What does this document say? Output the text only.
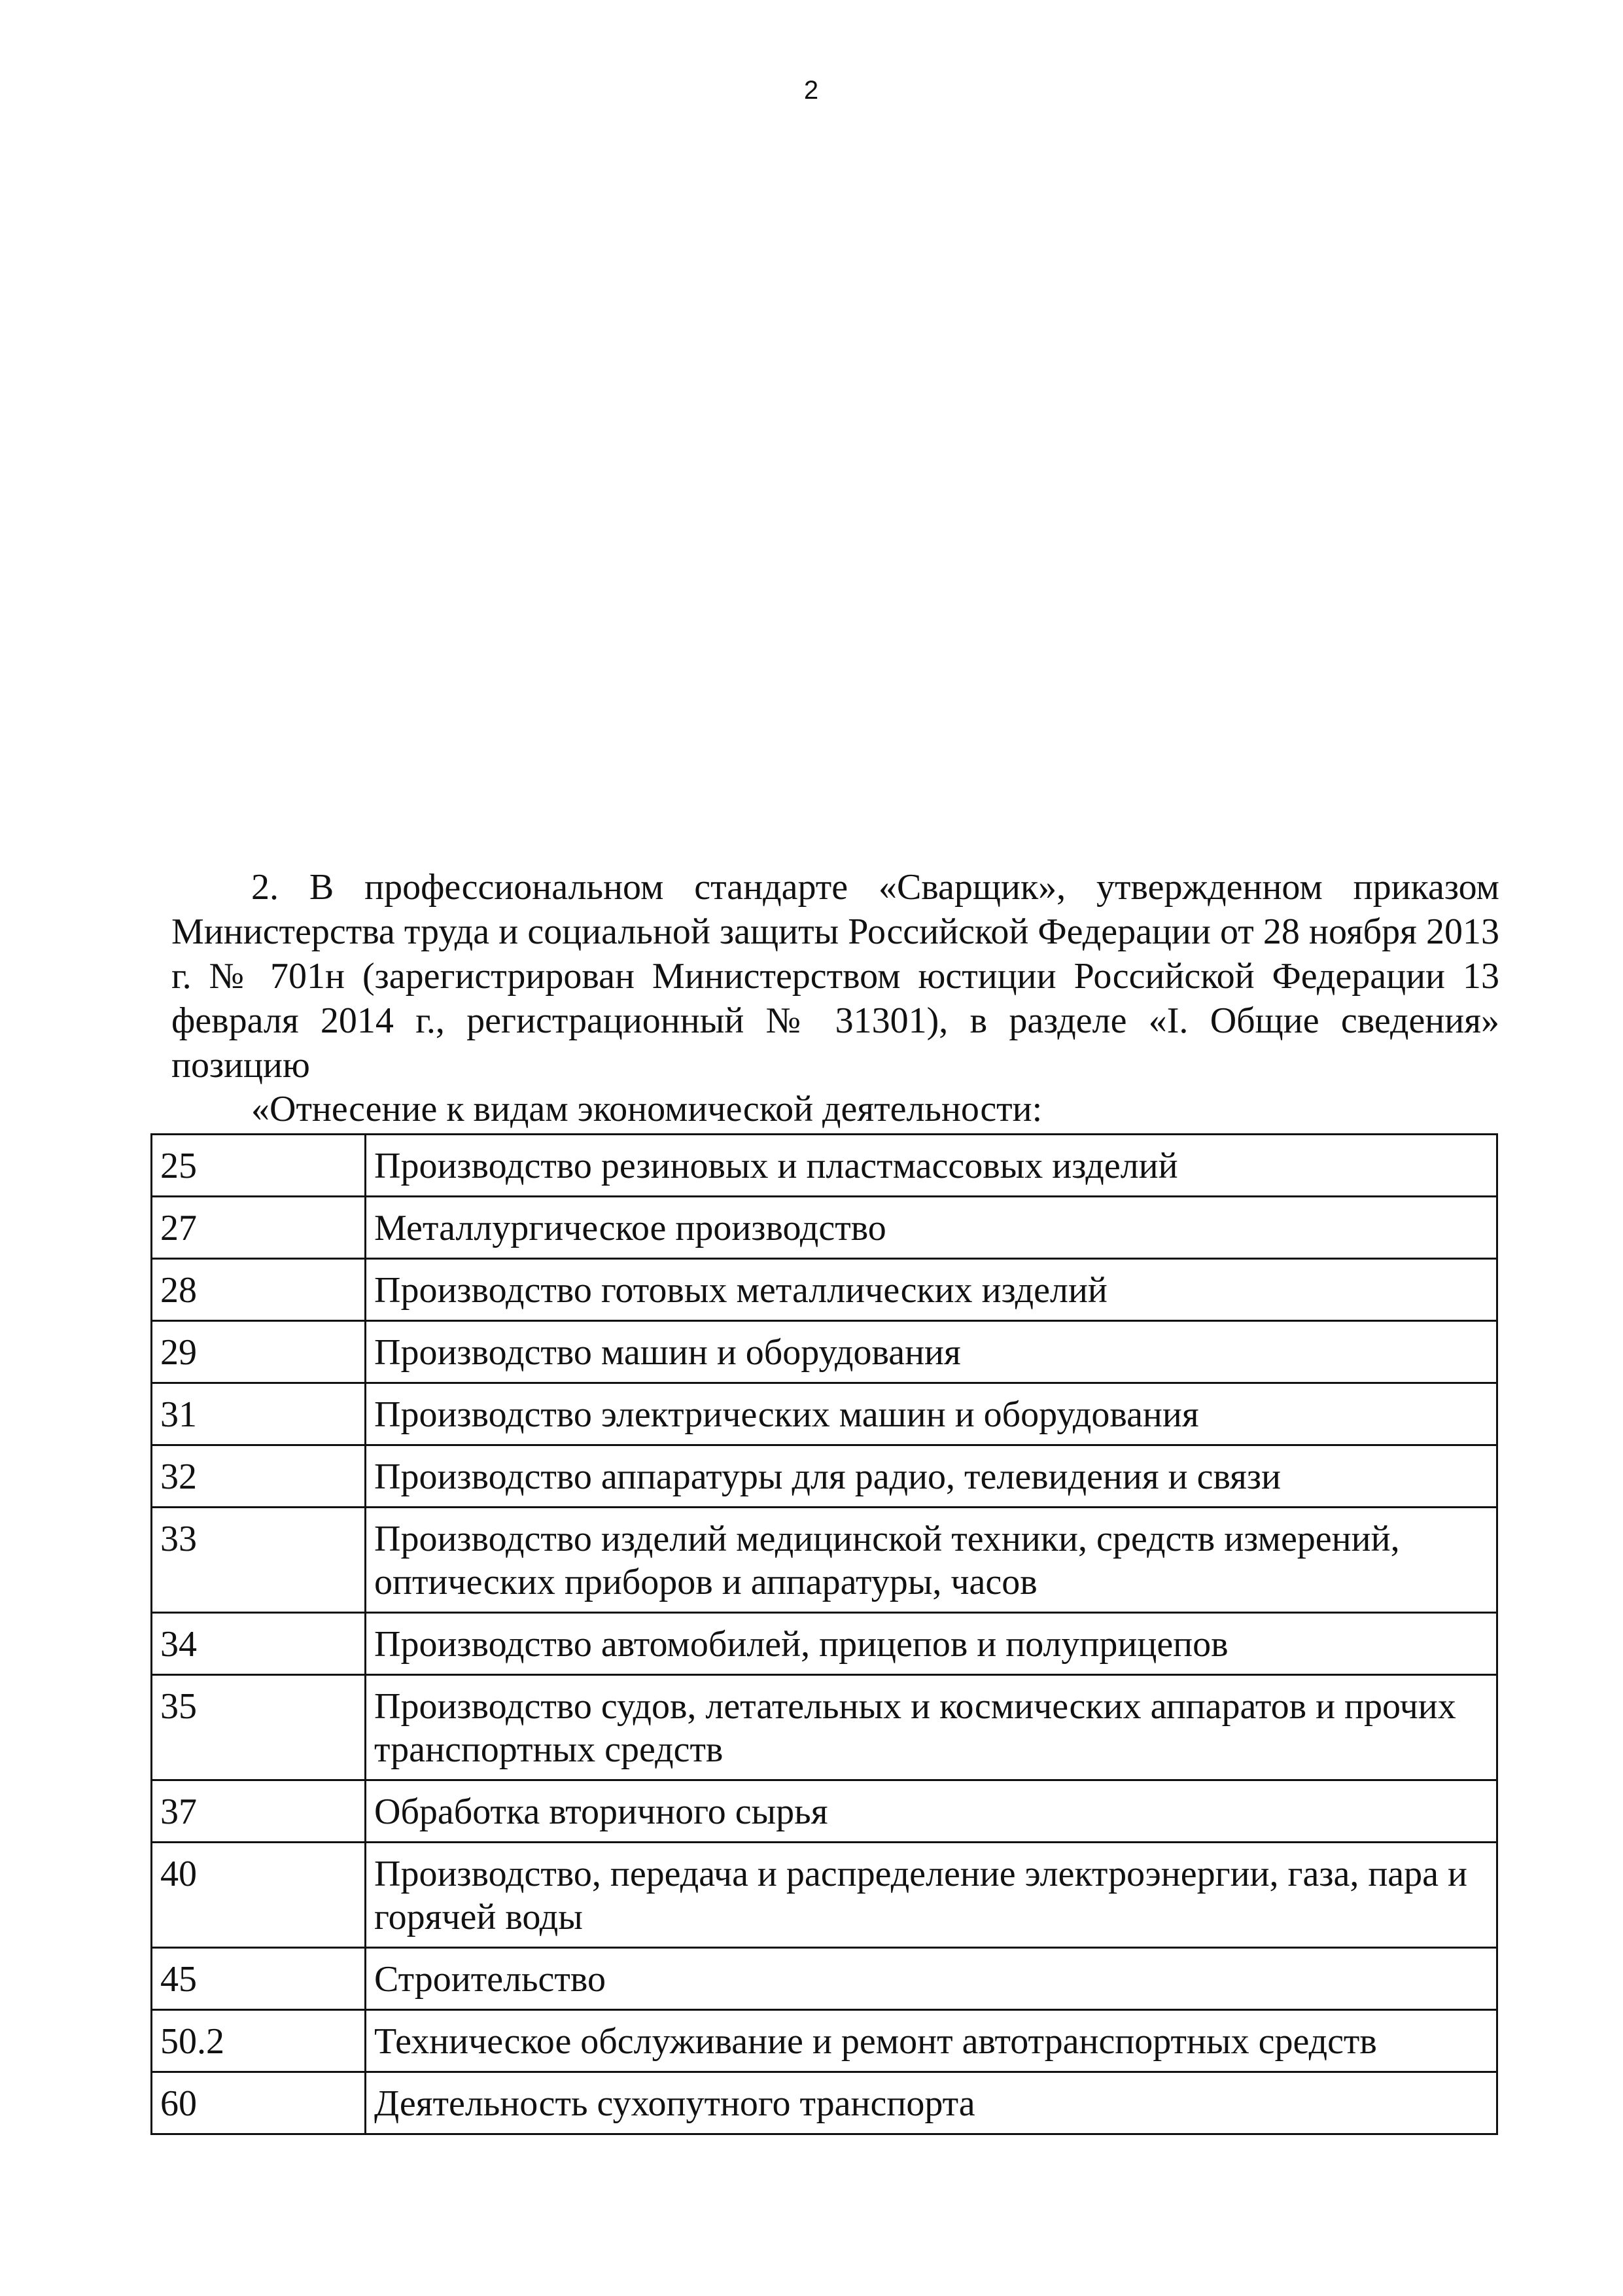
2

2. В профессиональном стандарте «Сварщик», утвержденном приказом Министерства труда и социальной защиты Российской Федерации от 28 ноября 2013 г. № 701н (зарегистрирован Министерством юстиции Российской Федерации 13 февраля 2014 г., регистрационный № 31301), в разделе «I. Общие сведения» позицию

«Отнесение к видам экономической деятельности:
25	Производство резиновых и пластмассовых изделий
27	Металлургическое производство
28	Производство готовых металлических изделий
29	Производство машин и оборудования
31	Производство электрических машин и оборудования
32	Производство аппаратуры для радио, телевидения и связи
33	Производство изделий медицинской техники, средств измерений, оптических приборов и аппаратуры, часов
34	Производство автомобилей, прицепов и полуприцепов
35	Производство судов, летательных и космических аппаратов и прочих транспортных средств
37	Обработка вторичного сырья
40	Производство, передача и распределение электроэнергии, газа, пара и горячей воды
45	Строительство
50.2	Техническое обслуживание и ремонт автотранспортных средств
60	Деятельность сухопутного транспорта
